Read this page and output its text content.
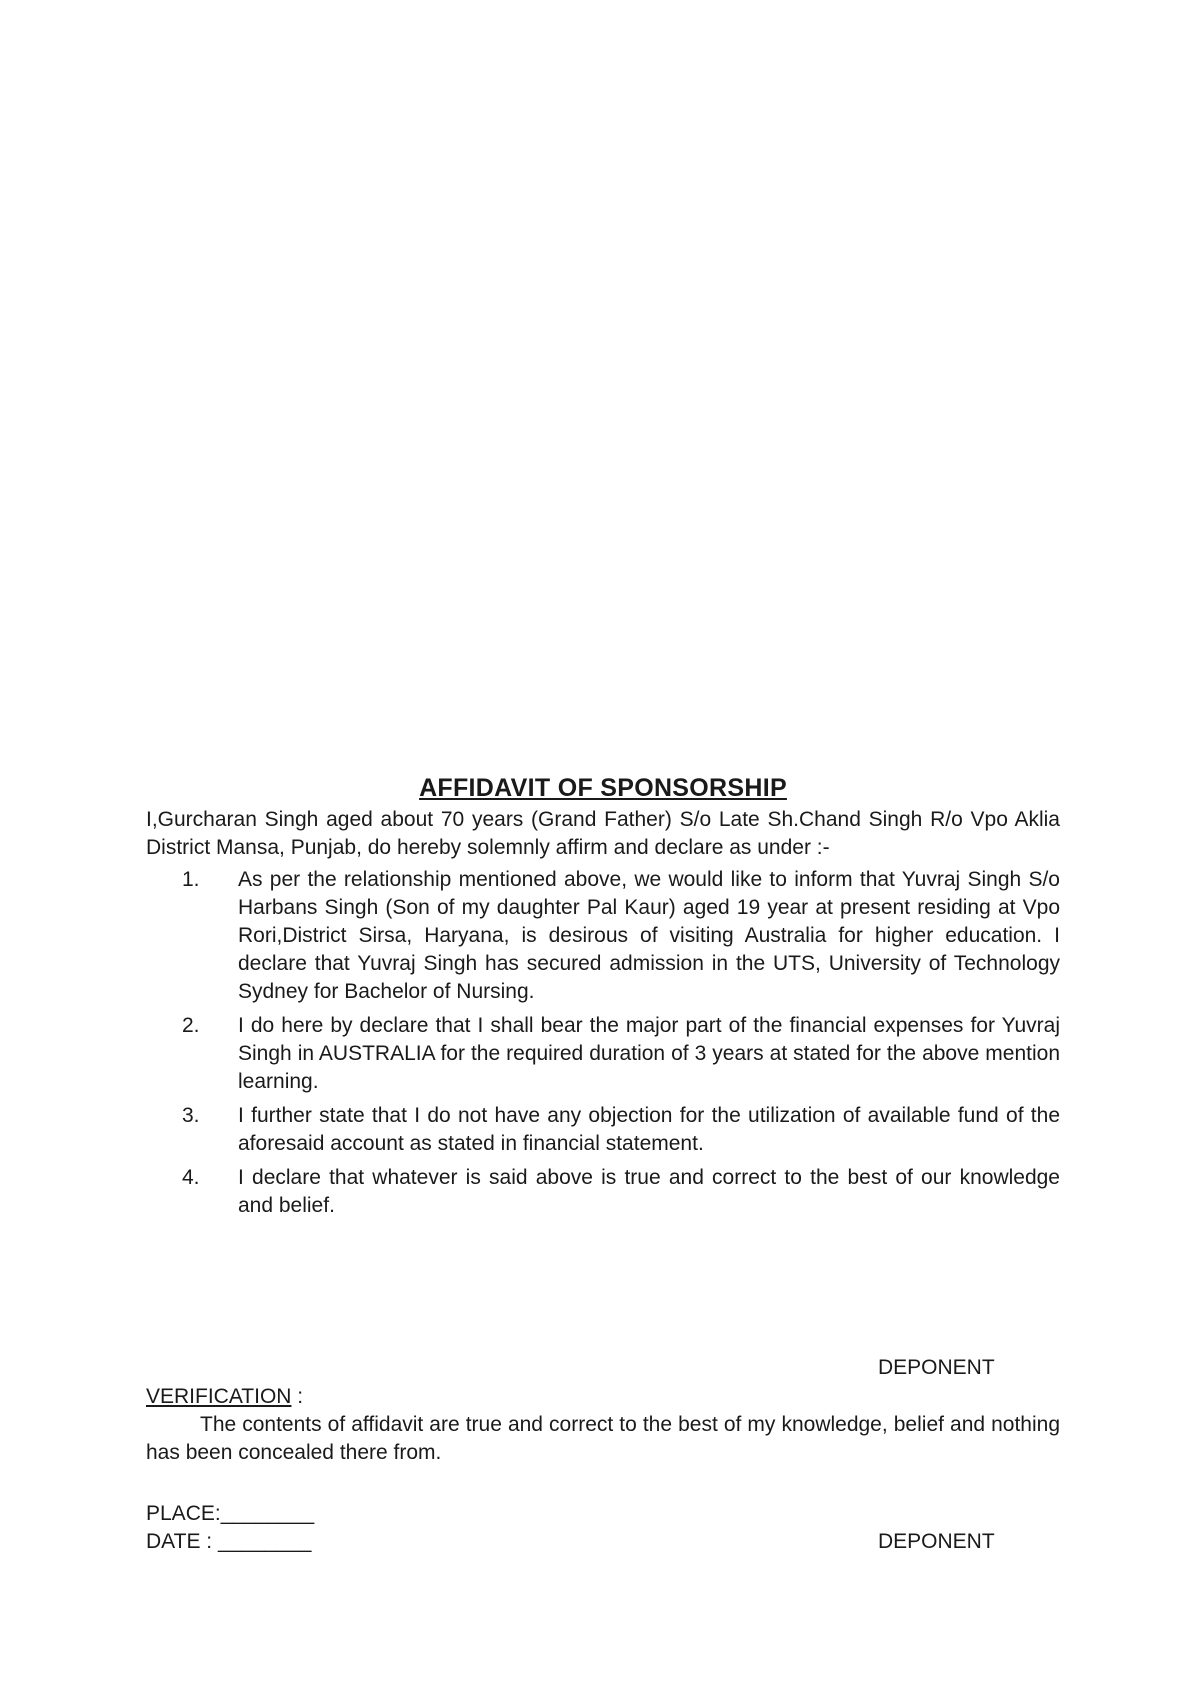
AFFIDAVIT OF SPONSORSHIP

I,Gurcharan Singh aged about 70 years (Grand Father) S/o Late Sh.Chand Singh R/o Vpo Aklia District Mansa, Punjab, do hereby solemnly affirm and declare as under :-

1.	As per the relationship mentioned above, we would like to inform that Yuvraj Singh S/o Harbans Singh (Son of my daughter Pal Kaur) aged 19 year at present residing at Vpo Rori,District Sirsa, Haryana, is desirous of visiting Australia for higher education. I declare that Yuvraj Singh has secured admission in the UTS, University of Technology Sydney for Bachelor of Nursing.
2.	I do here by declare that I shall bear the major part of the financial expenses for Yuvraj Singh in AUSTRALIA for the required duration of 3 years at stated for the above mention learning.
3.	I further state that I do not have any objection for the utilization of available fund of the aforesaid account as stated in financial statement.
4.	I declare that whatever is said above is true and correct to the best of our knowledge and belief.
DEPONENT

VERIFICATION :

The contents of affidavit are true and correct to the best of my knowledge, belief and nothing has been concealed there from.

PLACE:________
DATE : ________	DEPONENT
